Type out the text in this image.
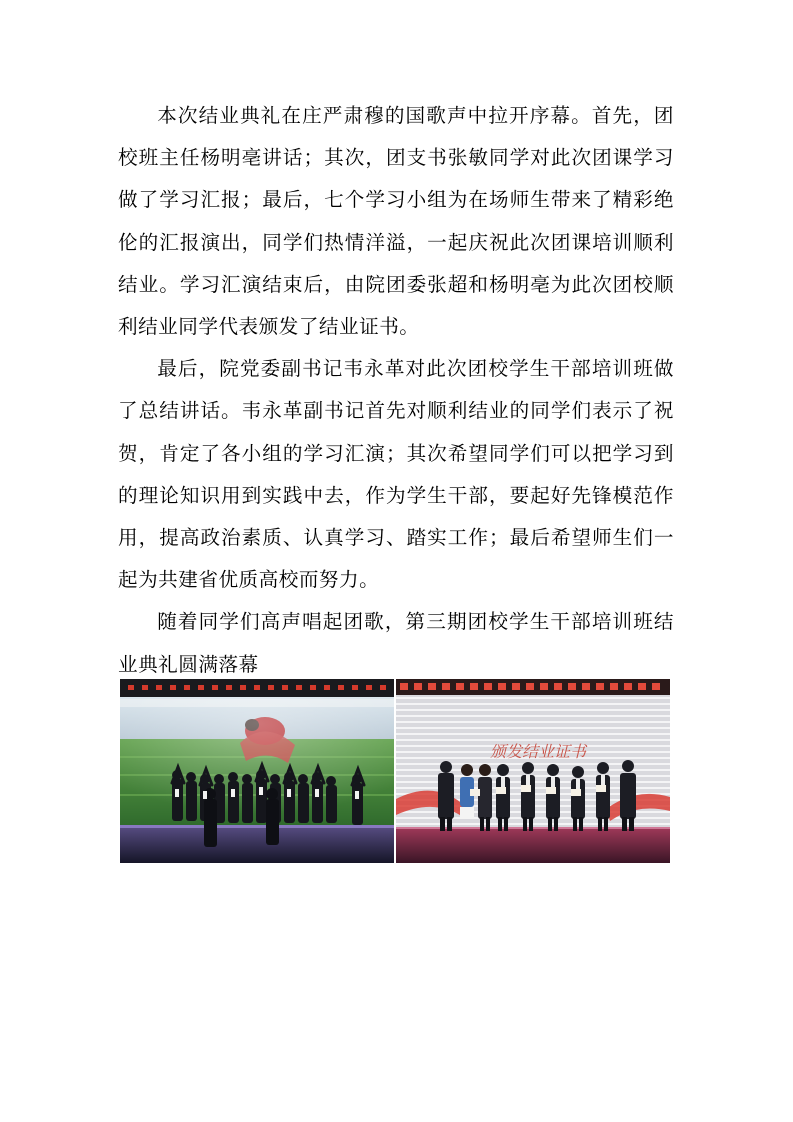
本次结业典礼在庄严肃穆的国歌声中拉开序幕。首先，团校班主任杨明亳讲话；其次，团支书张敏同学对此次团课学习做了学习汇报；最后，七个学习小组为在场师生带来了精彩绝伦的汇报演出，同学们热情洋溢，一起庆祝此次团课培训顺利结业。学习汇演结束后，由院团委张超和杨明亳为此次团校顺利结业同学代表颁发了结业证书。

最后，院党委副书记韦永革对此次团校学生干部培训班做了总结讲话。韦永革副书记首先对顺利结业的同学们表示了祝贺，肯定了各小组的学习汇演；其次希望同学们可以把学习到的理论知识用到实践中去，作为学生干部，要起好先锋模范作用，提高政治素质、认真学习、踏实工作；最后希望师生们一起为共建省优质高校而努力。

随着同学们高声唱起团歌，第三期团校学生干部培训班结业典礼圆满落幕

颁发结业证书
